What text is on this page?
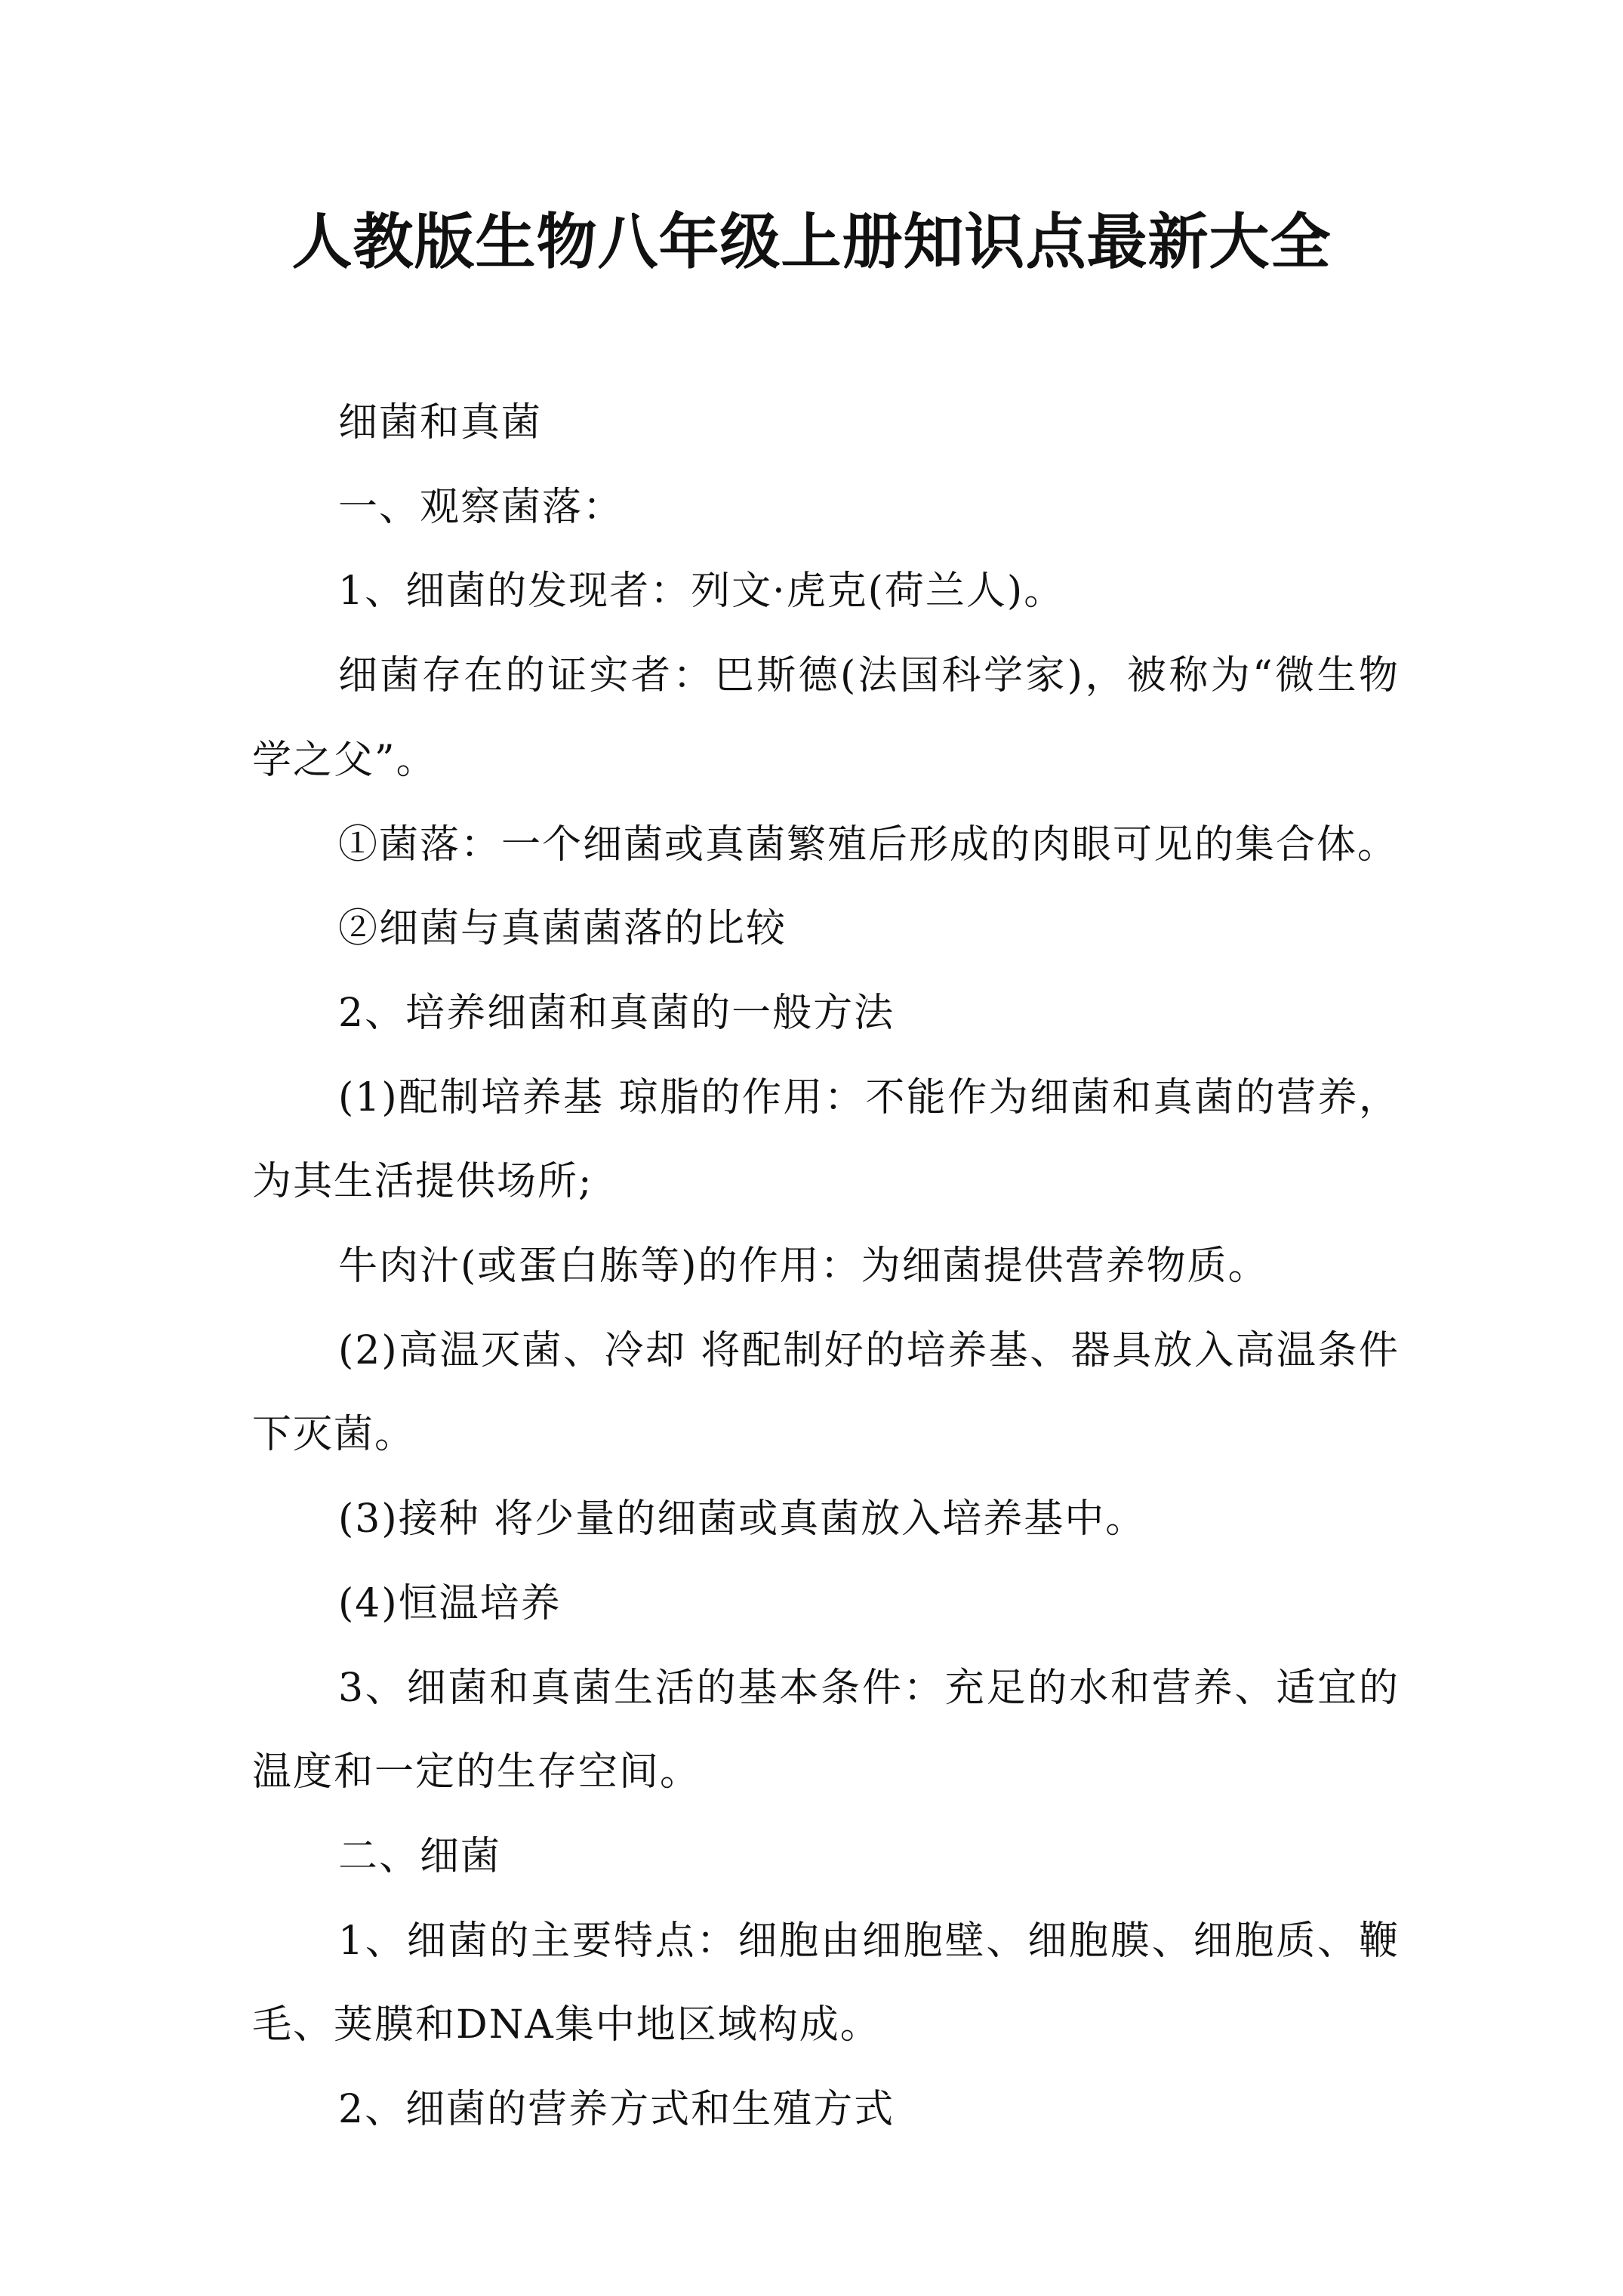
人教版生物八年级上册知识点最新大全

细菌和真菌

一、观察菌落：

1、细菌的发现者：列文·虎克(荷兰人)。

细菌存在的证实者：巴斯德(法国科学家)，被称为“微生物学之父”。

①菌落：一个细菌或真菌繁殖后形成的肉眼可见的集合体。

②细菌与真菌菌落的比较

2、培养细菌和真菌的一般方法

(1)配制培养基 琼脂的作用：不能作为细菌和真菌的营养，为其生活提供场所;

牛肉汁(或蛋白胨等)的作用：为细菌提供营养物质。

(2)高温灭菌、冷却 将配制好的培养基、器具放入高温条件下灭菌。

(3)接种 将少量的细菌或真菌放入培养基中。

(4)恒温培养

3、细菌和真菌生活的基本条件：充足的水和营养、适宜的温度和一定的生存空间。

二、细菌

1、细菌的主要特点：细胞由细胞壁、细胞膜、细胞质、鞭毛、荚膜和DNA集中地区域构成。

2、细菌的营养方式和生殖方式
